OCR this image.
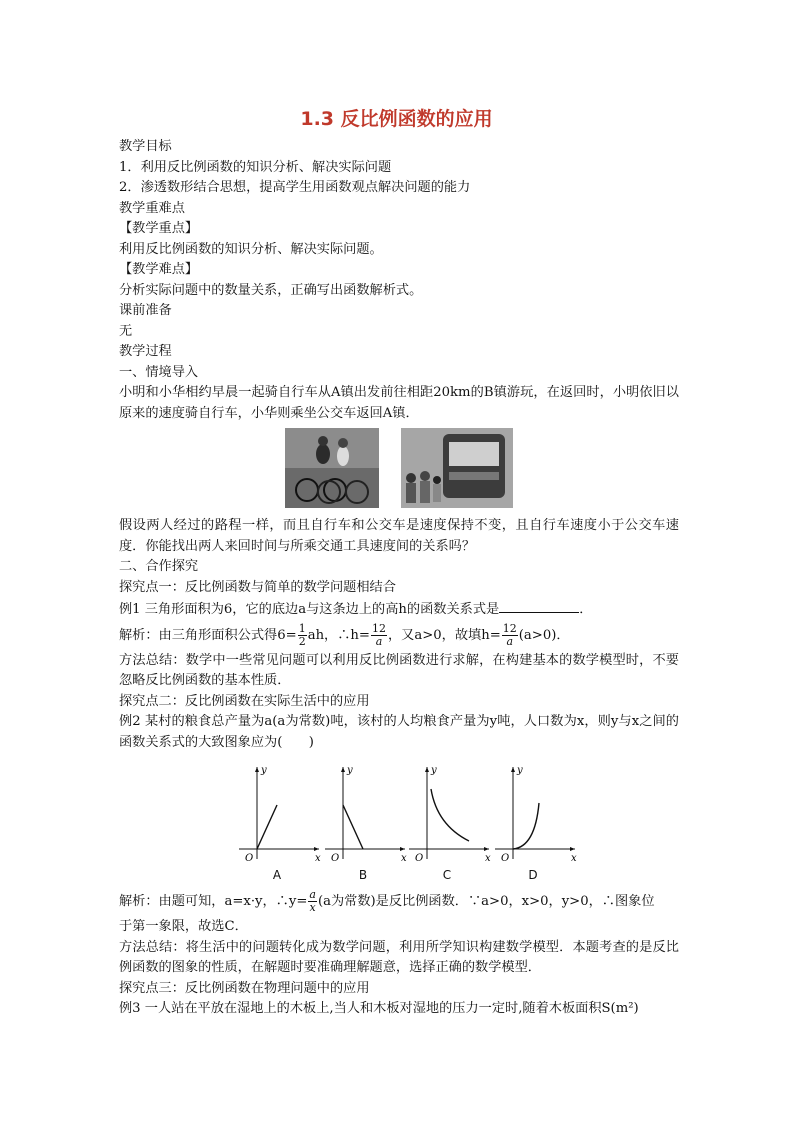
1.3 反比例函数的应用

教学目标

1．利用反比例函数的知识分析、解决实际问题

2．渗透数形结合思想，提高学生用函数观点解决问题的能力

教学重难点

【教学重点】

利用反比例函数的知识分析、解决实际问题。

【教学难点】

分析实际问题中的数量关系，正确写出函数解析式。

课前准备

无

教学过程

一、情境导入

小明和小华相约早晨一起骑自行车从A镇出发前往相距20km的B镇游玩，在返回时，小明依旧以原来的速度骑自行车，小华则乘坐公交车返回A镇．

假设两人经过的路程一样，而且自行车和公交车是速度保持不变，且自行车速度小于公交车速度．你能找出两人来回时间与所乘交通工具速度间的关系吗？

二、合作探究

探究点一：反比例函数与简单的数学问题相结合

例1 三角形面积为6，它的底边a与这条边上的高h的函数关系式是	．

解析：由三角形面积公式得$6= \frac{1}{2}$ ah，∴h= $\frac{12}{a}$ ，又a>0，故填$h= \frac{12}{a} (a>0)$．

方法总结：数学中一些常见问题可以利用反比例函数进行求解，在构建基本的数学模型时，不要忽略反比例函数的基本性质．

探究点二：反比例函数在实际生活中的应用

例2 某村的粮食总产量为a(a为常数)吨，该村的人均粮食产量为y吨，人口数为x，则y与x之间的函数关系式的大致图象应为(　　)

y
x
O
A
y
x
O
B
y
x
O
C
y
x
O
D

解析：由题可知，a=x·y，∴y= $\frac{a}{x} (a$为常数)是反比例函数．∵a>0，x>0，y>0，∴图象位

于第一象限，故选C．

方法总结：将生活中的问题转化成为数学问题，利用所学知识构建数学模型．本题考查的是反比例函数的图象的性质，在解题时要准确理解题意，选择正确的数学模型．

探究点三：反比例函数在物理问题中的应用

例3 一人站在平放在湿地上的木板上,当人和木板对湿地的压力一定时,随着木板面积S(m²)
